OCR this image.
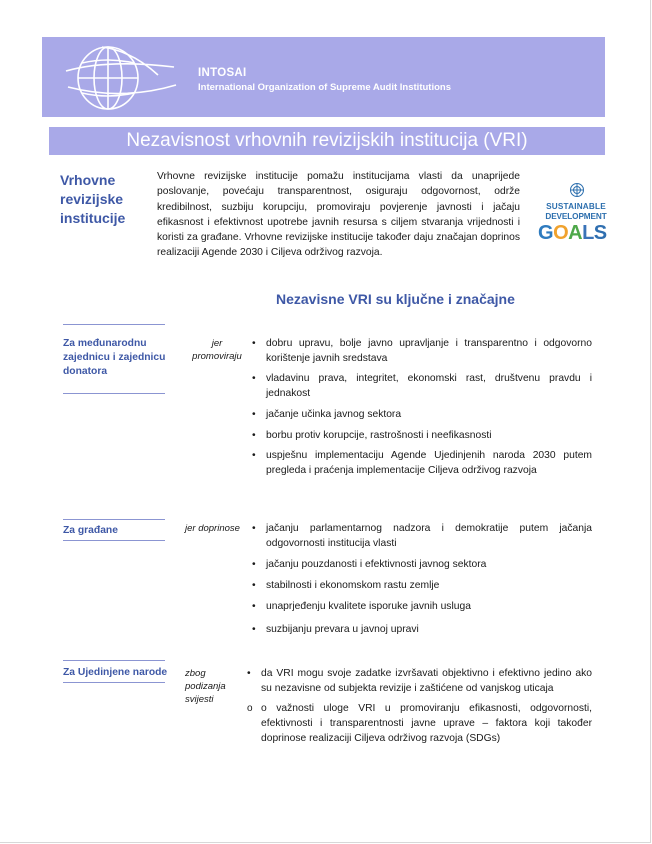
INTOSAI
International Organization of Supreme Audit Institutions
Nezavisnost vrhovnih revizijskih institucija (VRI)
Vrhovne revizijske institucije
Vrhovne revizijske institucije pomažu institucijama vlasti da unaprijede poslovanje, povećaju transparentnost, osiguraju odgovornost, održe kredibilnost, suzbiju korupciju, promoviraju povjerenje javnosti i jačaju efikasnost i efektivnost upotrebe javnih resursa s ciljem stvaranja vrijednosti i koristi za građane. Vrhovne revizijske institucije također daju značajan doprinos realizaciji Agende 2030 i Ciljeva održivog razvoja.
SUSTAINABLE
DEVELOPMENT
GOALS
Nezavisne VRI su ključne i značajne
Za međunarodnu zajednicu i zajednicu donatora
jer promoviraju
• dobru upravu, bolje javno upravljanje i transparentno i odgovorno korištenje javnih sredstava
• vladavinu prava, integritet, ekonomski rast, društvenu pravdu i jednakost
• jačanje učinka javnog sektora
• borbu protiv korupcije, rastrošnosti i neefikasnosti
• uspješnu implementaciju Agende Ujedinjenih naroda 2030 putem pregleda i praćenja implementacije Ciljeva održivog razvoja
Za građane	jer doprinose
•	jačanju parlamentarnog nadzora i demokratije putem jačanja odgovornosti institucija vlasti
• jačanju pouzdanosti i efektivnosti javnog sektora
• stabilnosti i ekonomskom rastu zemlje
• unaprjeđenju kvalitete isporuke javnih usluga
• suzbijanju prevara u javnoj upravi
Za Ujedinjene narode	zbog podizanja svijesti
• da VRI mogu svoje zadatke izvršavati objektivno i efektivno jedino ako su nezavisne od subjekta revizije i zaštićene od vanjskog uticaja
o o važnosti uloge VRI u promoviranju efikasnosti, odgovornosti, efektivnosti i transparentnosti javne uprave – faktora koji također doprinose realizaciji Ciljeva održivog razvoja (SDGs)
